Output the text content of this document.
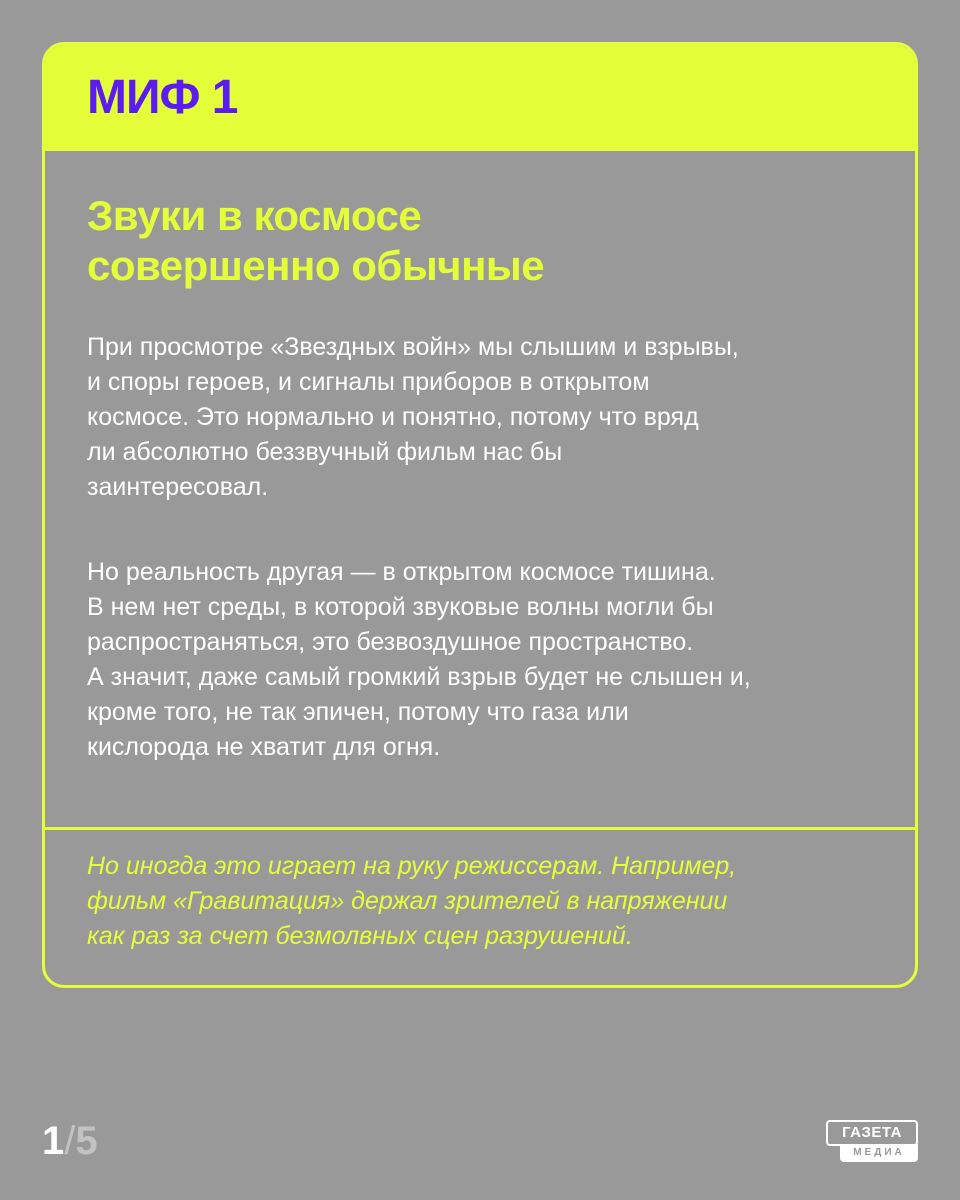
МИФ 1
Звуки в космосе
совершенно обычные

При просмотре «Звездных войн» мы слышим и взрывы,
и споры героев, и сигналы приборов в открытом
космосе. Это нормально и понятно, потому что вряд
ли абсолютно беззвучный фильм нас бы
заинтересовал.

Но реальность другая — в открытом космосе тишина.
В нем нет среды, в которой звуковые волны могли бы
распространяться, это безвоздушное пространство.
А значит, даже самый громкий взрыв будет не слышен и,
кроме того, не так эпичен, потому что газа или
кислорода не хватит для огня.

Но иногда это играет на руку режиссерам. Например,
фильм «Гравитация» держал зрителей в напряжении
как раз за счет безмолвных сцен разрушений.

1/5	ГАЗЕТА
МЕДИА
